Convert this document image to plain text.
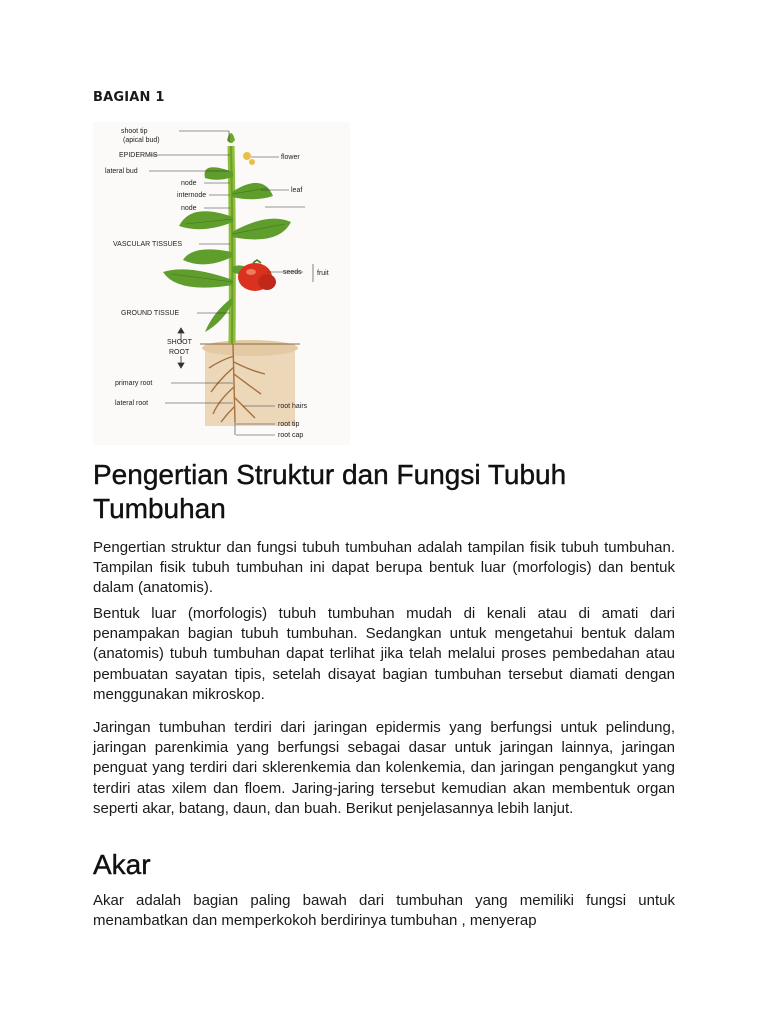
BAGIAN 1
shoot tip
(apical bud)
EPIDERMIS
lateral bud
node
internode
node
VASCULAR TISSUES
GROUND TISSUE
SHOOT
ROOT
primary root
lateral root
flower
leaf
seeds fruit
root hairs
root tip
root cap
Pengertian Struktur dan Fungsi Tubuh Tumbuhan

Pengertian struktur dan fungsi tubuh tumbuhan adalah tampilan fisik tubuh tumbuhan. Tampilan fisik tubuh tumbuhan ini dapat berupa bentuk luar (morfologis) dan bentuk dalam (anatomis).

Bentuk luar (morfologis) tubuh tumbuhan mudah di kenali atau di amati dari penampakan bagian tubuh tumbuhan. Sedangkan untuk mengetahui bentuk dalam (anatomis) tubuh tumbuhan dapat terlihat jika telah melalui proses pembedahan atau pembuatan sayatan tipis, setelah disayat bagian tumbuhan tersebut diamati dengan menggunakan mikroskop.

Jaringan tumbuhan terdiri dari jaringan epidermis yang berfungsi untuk pelindung, jaringan parenkimia yang berfungsi sebagai dasar untuk jaringan lainnya, jaringan penguat yang terdiri dari sklerenkemia dan kolenkemia, dan jaringan pengangkut yang terdiri atas xilem dan floem. Jaring-jaring tersebut kemudian akan membentuk organ seperti akar, batang, daun, dan buah. Berikut penjelasannya lebih lanjut.

Akar

Akar adalah bagian paling bawah dari tumbuhan yang memiliki fungsi untuk menambatkan dan memperkokoh berdirinya tumbuhan , menyerap
